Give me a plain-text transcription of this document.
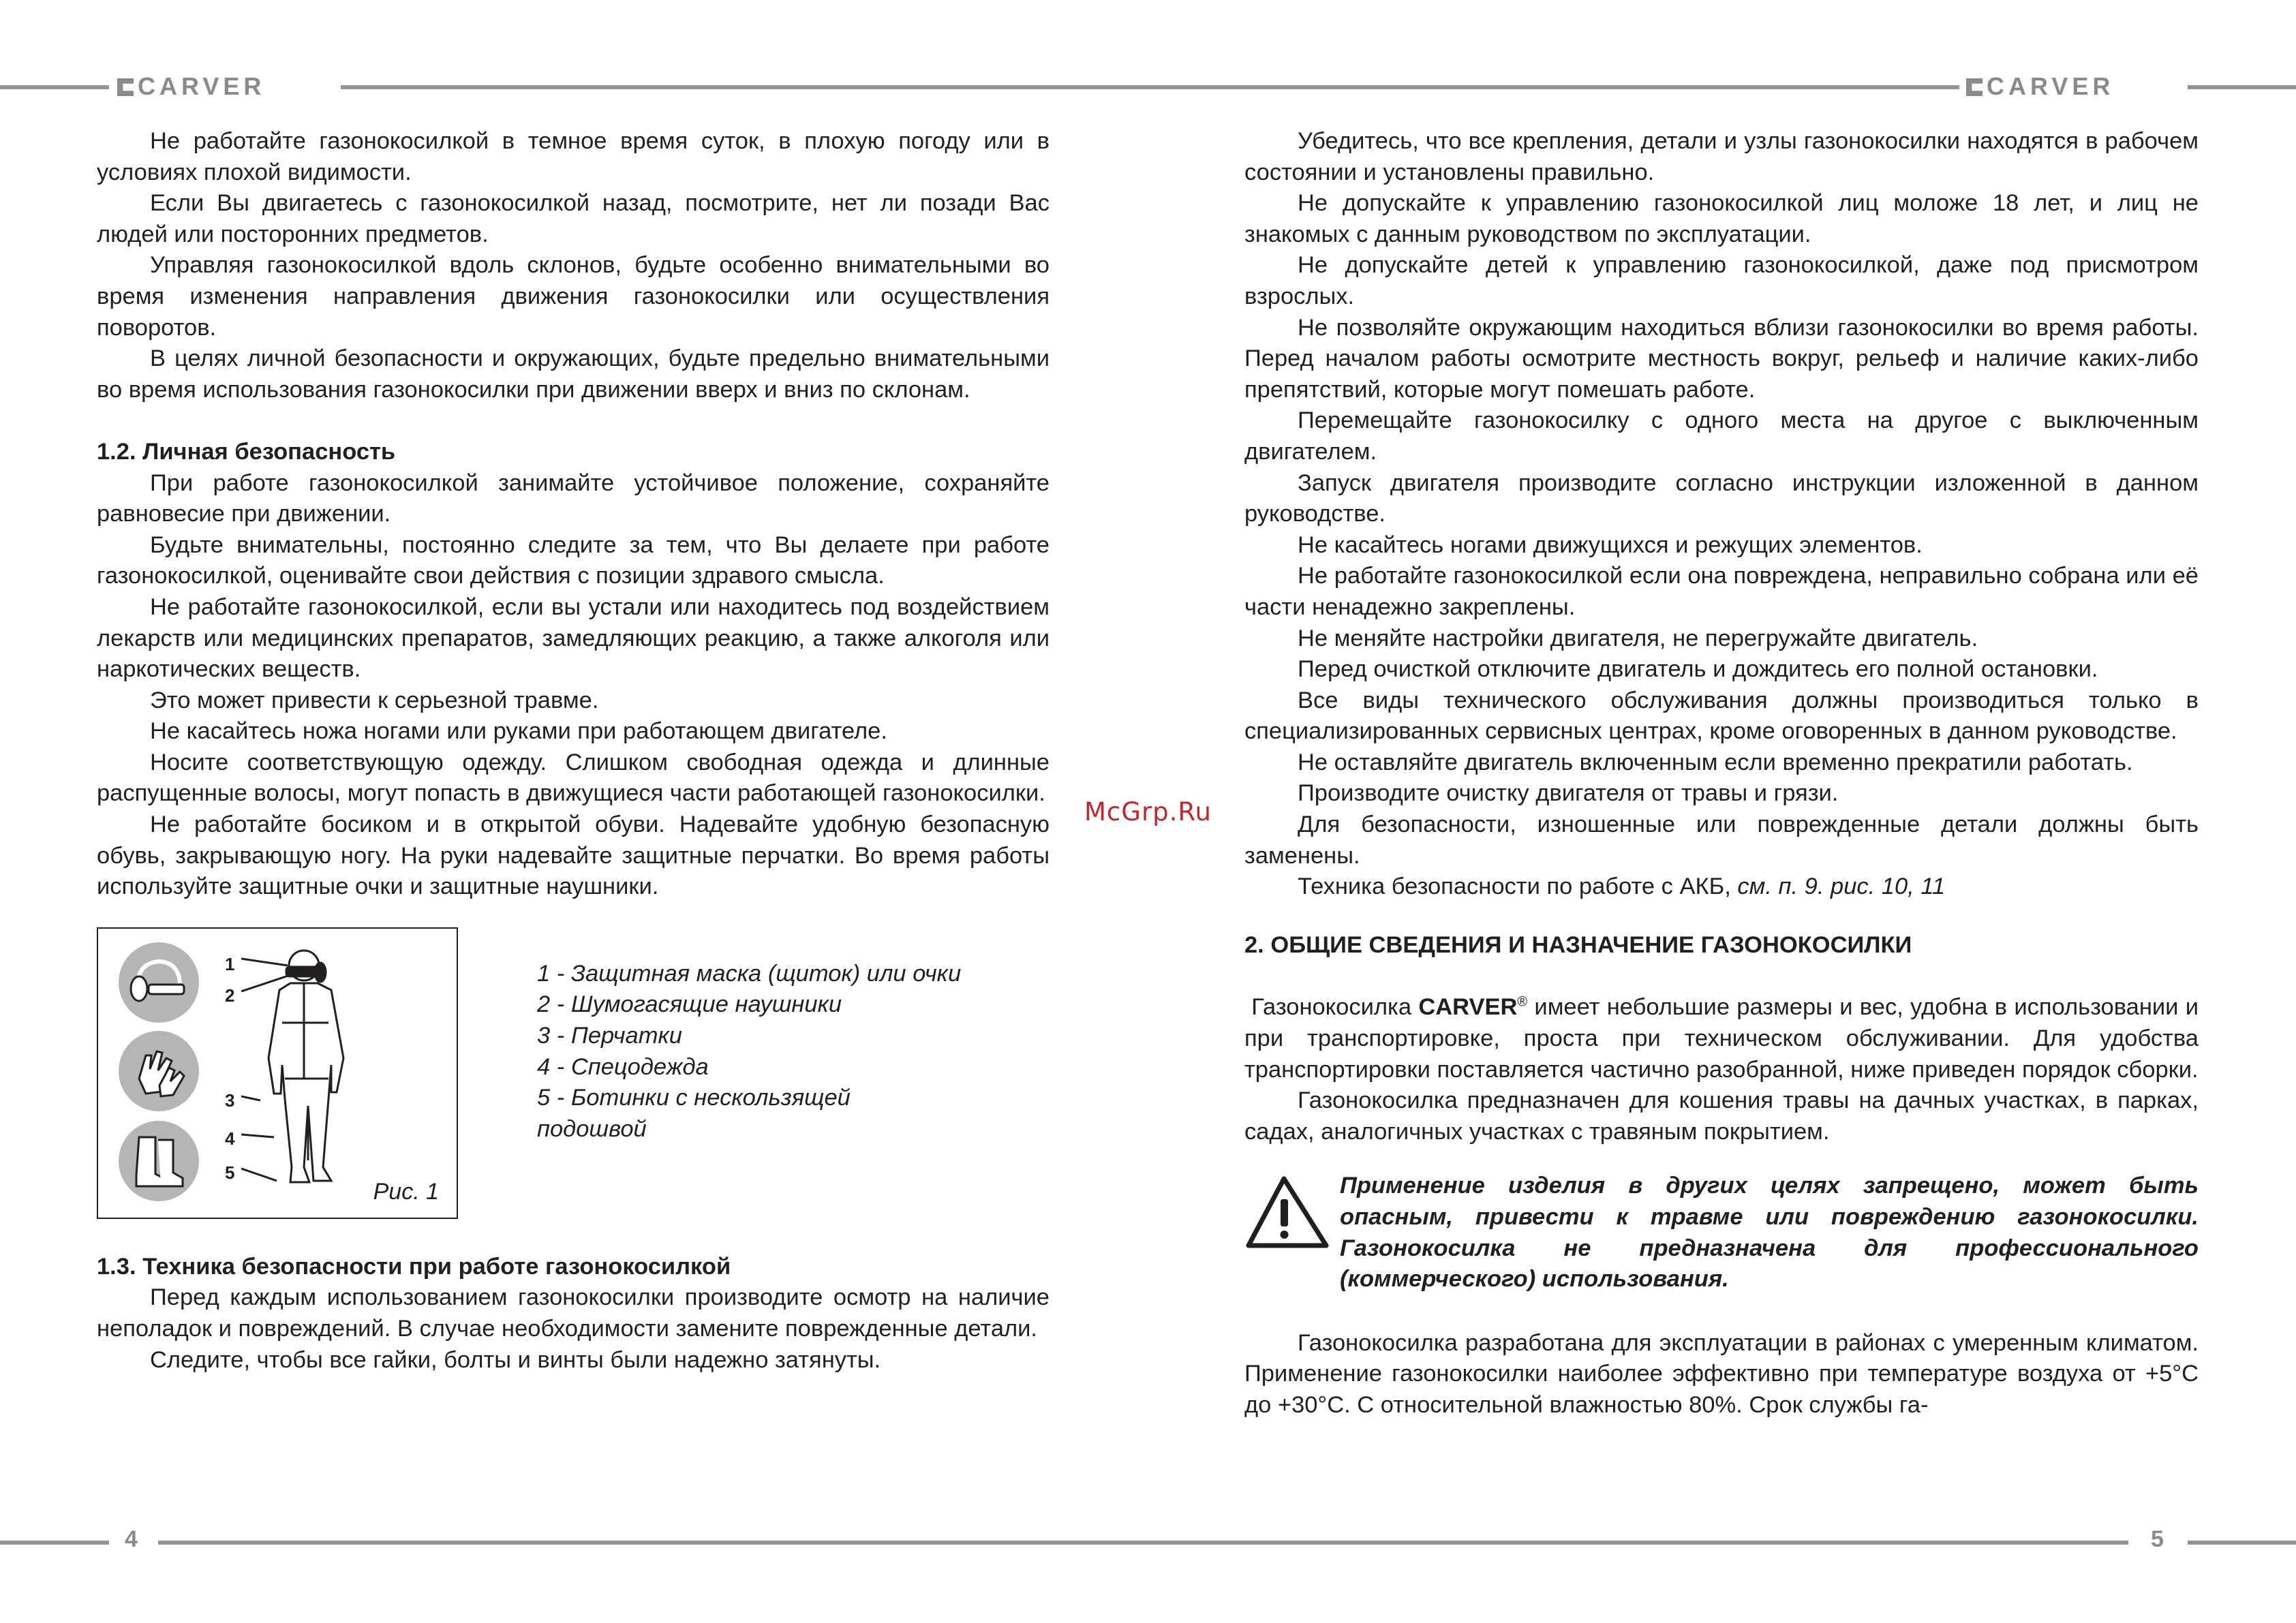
CARVER	CARVER
4	5
McGrp.Ru

Не работайте газонокосилкой в темное время суток, в плохую погоду или в условиях плохой видимости.

Если Вы двигаетесь с газонокосилкой назад, посмотрите, нет ли позади Вас людей или посторонних предметов.

Управляя газонокосилкой вдоль склонов, будьте особенно внимательными во время изменения направления движения газонокосилки или осуществления поворотов.

В целях личной безопасности и окружающих, будьте предельно внимательными во время использования газонокосилки при движении вверх и вниз по склонам.

1.2. Личная безопасность

При работе газонокосилкой занимайте устойчивое положение, сохраняйте равновесие при движении.

Будьте внимательны, постоянно следите за тем, что Вы делаете при работе газонокосилкой, оценивайте свои действия с позиции здравого смысла.

Не работайте газонокосилкой, если вы устали или находитесь под воздействием лекарств или медицинских препаратов, замедляющих реакцию, а также алкоголя или наркотических веществ.

Это может привести к серьезной травме.

Не касайтесь ножа ногами или руками при работающем двигателе.

Носите соответствующую одежду. Слишком свободная одежда и длинные распущенные волосы, могут попасть в движущиеся части работающей газонокосилки.

Не работайте босиком и в открытой обуви. Надевайте удобную безопасную обувь, закрывающую ногу. На руки надевайте защитные перчатки. Во время работы используйте защитные очки и защитные наушники.

1
2
3
4
5
Рис. 1
1 - Защитная маска (щиток) или очки
2 - Шумогасящие наушники
3 - Перчатки
4 - Спецодежда
5 - Ботинки с нескользящей подошвой
1.3. Техника безопасности при работе газонокосилкой

Перед каждым использованием газонокосилки производите осмотр на наличие неполадок и повреждений. В случае необходимости замените поврежденные детали.

Следите, чтобы все гайки, болты и винты были надежно затянуты.

Убедитесь, что все крепления, детали и узлы газонокосилки находятся в рабочем состоянии и установлены правильно.

Не допускайте к управлению газонокосилкой лиц моложе 18 лет, и лиц не знакомых с данным руководством по эксплуатации.

Не допускайте детей к управлению газонокосилкой, даже под присмотром взрослых.

Не позволяйте окружающим находиться вблизи газонокосилки во время работы. Перед началом работы осмотрите местность вокруг, рельеф и наличие каких-либо препятствий, которые могут помешать работе.

Перемещайте газонокосилку с одного места на другое с выключенным двигателем.

Запуск двигателя производите согласно инструкции изложенной в данном руководстве.

Не касайтесь ногами движущихся и режущих элементов.

Не работайте газонокосилкой если она повреждена, неправильно собрана или её части ненадежно закреплены.

Не меняйте настройки двигателя, не перегружайте двигатель.

Перед очисткой отключите двигатель и дождитесь его полной остановки.

Все виды технического обслуживания должны производиться только в специализированных сервисных центрах, кроме оговоренных в данном руководстве.

Не оставляйте двигатель включенным если временно прекратили работать.

Производите очистку двигателя от травы и грязи.

Для безопасности, изношенные или поврежденные детали должны быть заменены.

Техника безопасности по работе с АКБ, см. п. 9. рис. 10, 11

2. ОБЩИЕ СВЕДЕНИЯ И НАЗНАЧЕНИЕ ГАЗОНОКОСИЛКИ

Газонокосилка CARVER® имеет небольшие размеры и вес, удобна в использовании и при транспортировке, проста при техническом обслуживании. Для удобства транспортировки поставляется частично разобранной, ниже приведен порядок сборки.

Газонокосилка предназначен для кошения травы на дачных участках, в парках, садах, аналогичных участках с травяным покрытием.

Применение изделия в других целях запрещено, может быть опасным, привести к травме или повреждению газонокосилки. Газонокосилка не предназначена для профессионального (коммерческого) использования.

Газонокосилка разработана для эксплуатации в районах с умеренным климатом. Применение газонокосилки наиболее эффективно при температуре воздуха от +5°С до +30°С. С относительной влажностью 80%. Срок службы га-
